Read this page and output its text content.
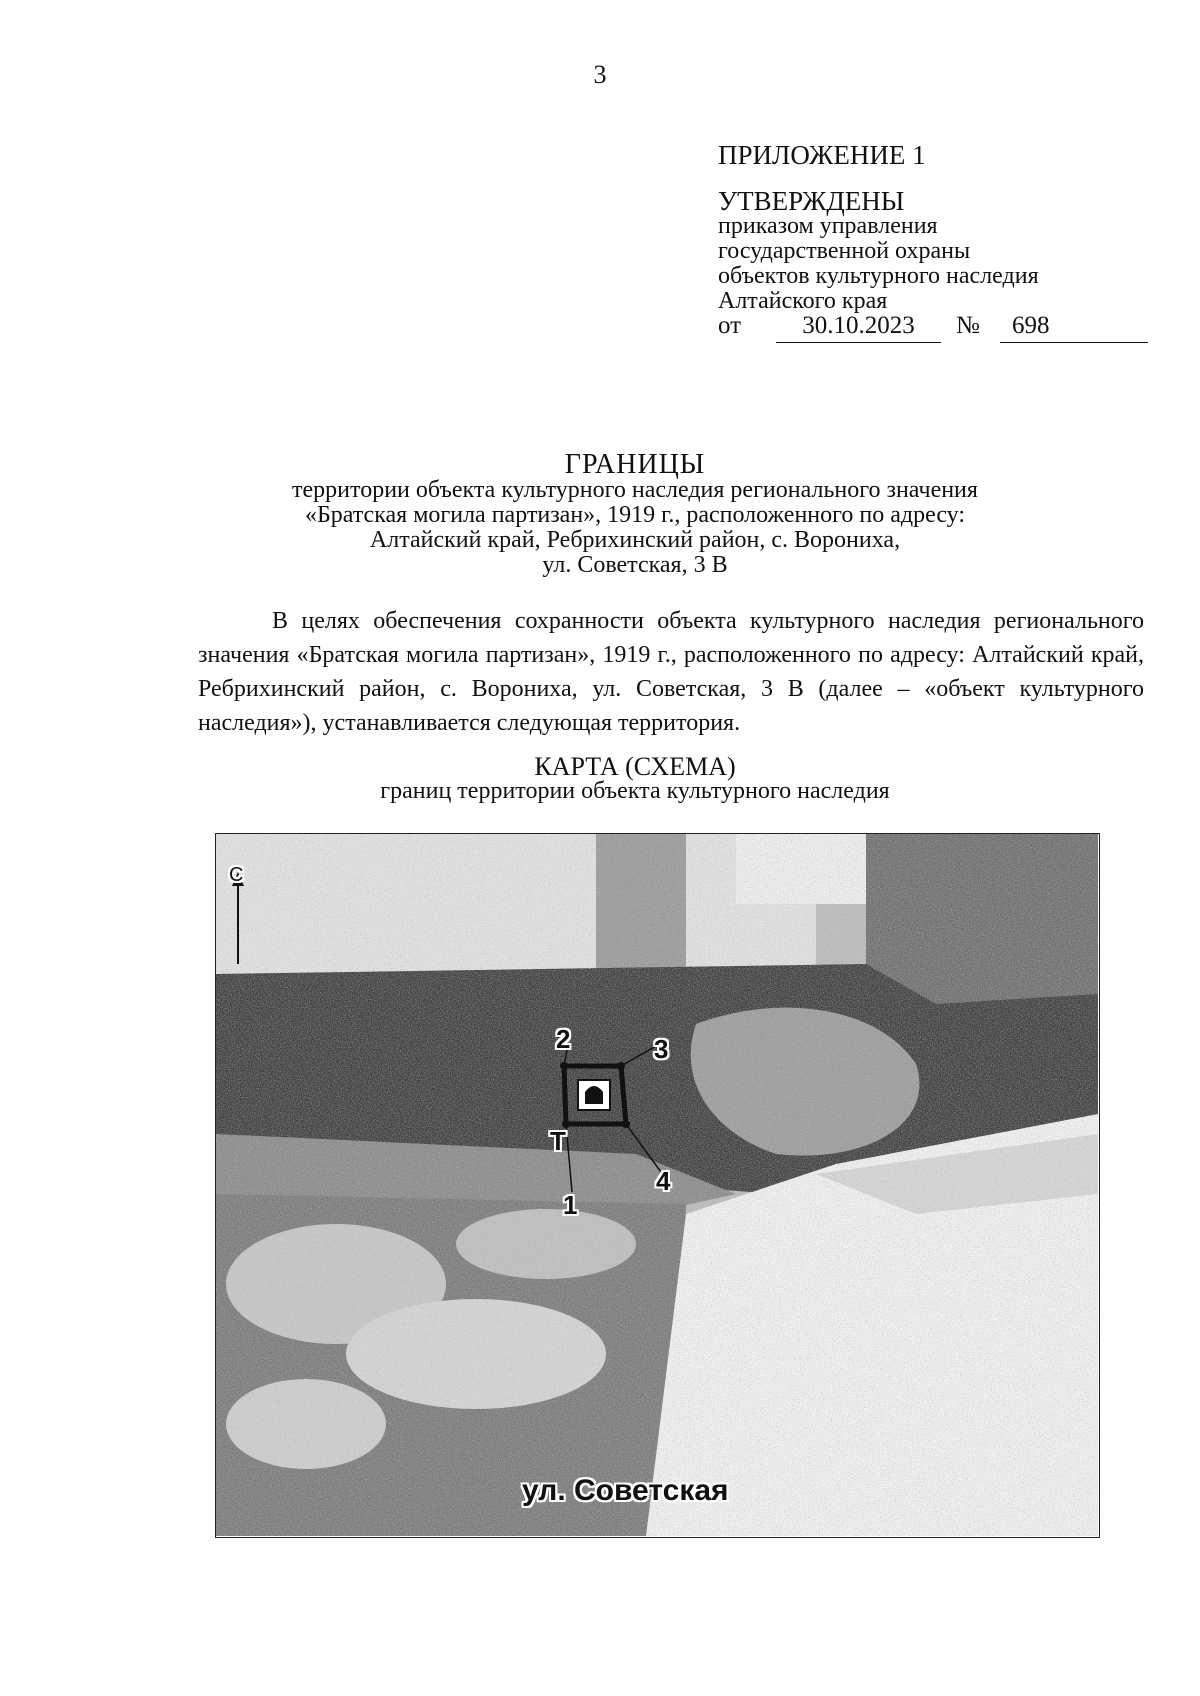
3
ПРИЛОЖЕНИЕ 1
УТВЕРЖДЕНЫ
приказом управления
государственной охраны
объектов культурного наследия
Алтайского края
от	30.10.2023	№	698
ГРАНИЦЫ
территории объекта культурного наследия регионального значения
«Братская могила партизан», 1919 г., расположенного по адресу:
Алтайский край, Ребрихинский район, с. Ворониха,
ул. Советская, 3 В

В целях обеспечения сохранности объекта культурного наследия регионального значения «Братская могила партизан», 1919 г., расположенного по адресу: Алтайский край, Ребрихинский район, с. Ворониха, ул. Советская, 3 В (далее – «объект культурного наследия»), устанавливается следующая территория.

КАРТА (СХЕМА)
границ территории объекта культурного наследия
С
2	3
Т
4
1
ул. Советская
